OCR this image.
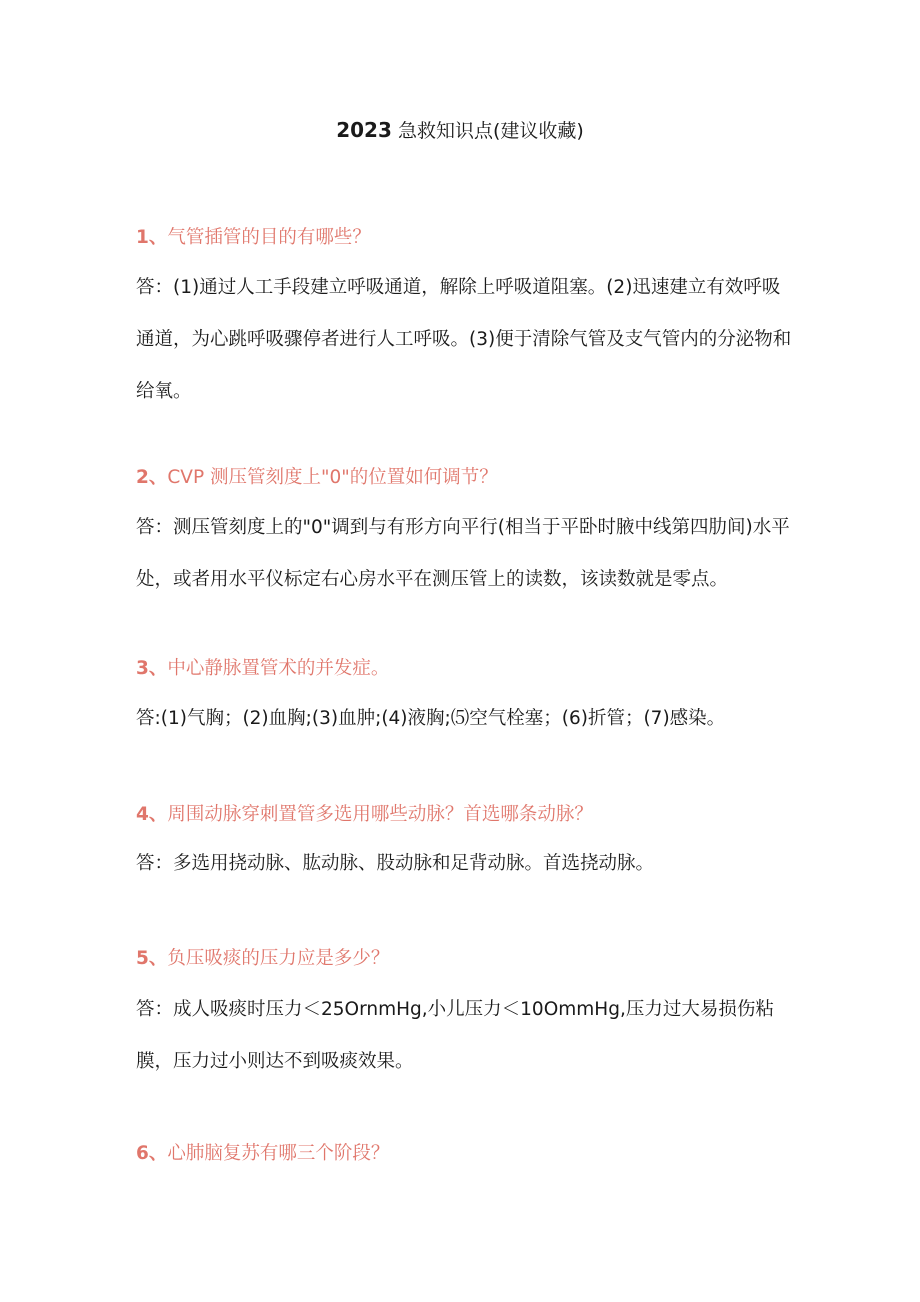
2023 急救知识点(建议收藏)
1、气管插管的目的有哪些？
答：(1)通过人工手段建立呼吸通道，解除上呼吸道阻塞。(2)迅速建立有效呼吸
通道，为心跳呼吸骤停者进行人工呼吸。(3)便于清除气管及支气管内的分泌物和
给氧。
2、CVP 测压管刻度上"0"的位置如何调节？
答：测压管刻度上的"0"调到与有形方向平行(相当于平卧时腋中线第四肋间)水平
处，或者用水平仪标定右心房水平在测压管上的读数，该读数就是零点。
3、中心静脉置管术的并发症。
答:(1)气胸；(2)血胸;(3)血肿;(4)液胸;⑸空气栓塞；(6)折管；(7)感染。
4、周围动脉穿刺置管多选用哪些动脉？首选哪条动脉？
答：多选用挠动脉、肱动脉、股动脉和足背动脉。首选挠动脉。
5、负压吸痰的压力应是多少？
答：成人吸痰时压力＜25OrnmHg,小儿压力＜10OmmHg,压力过大易损伤粘
膜，压力过小则达不到吸痰效果。
6、心肺脑复苏有哪三个阶段？
